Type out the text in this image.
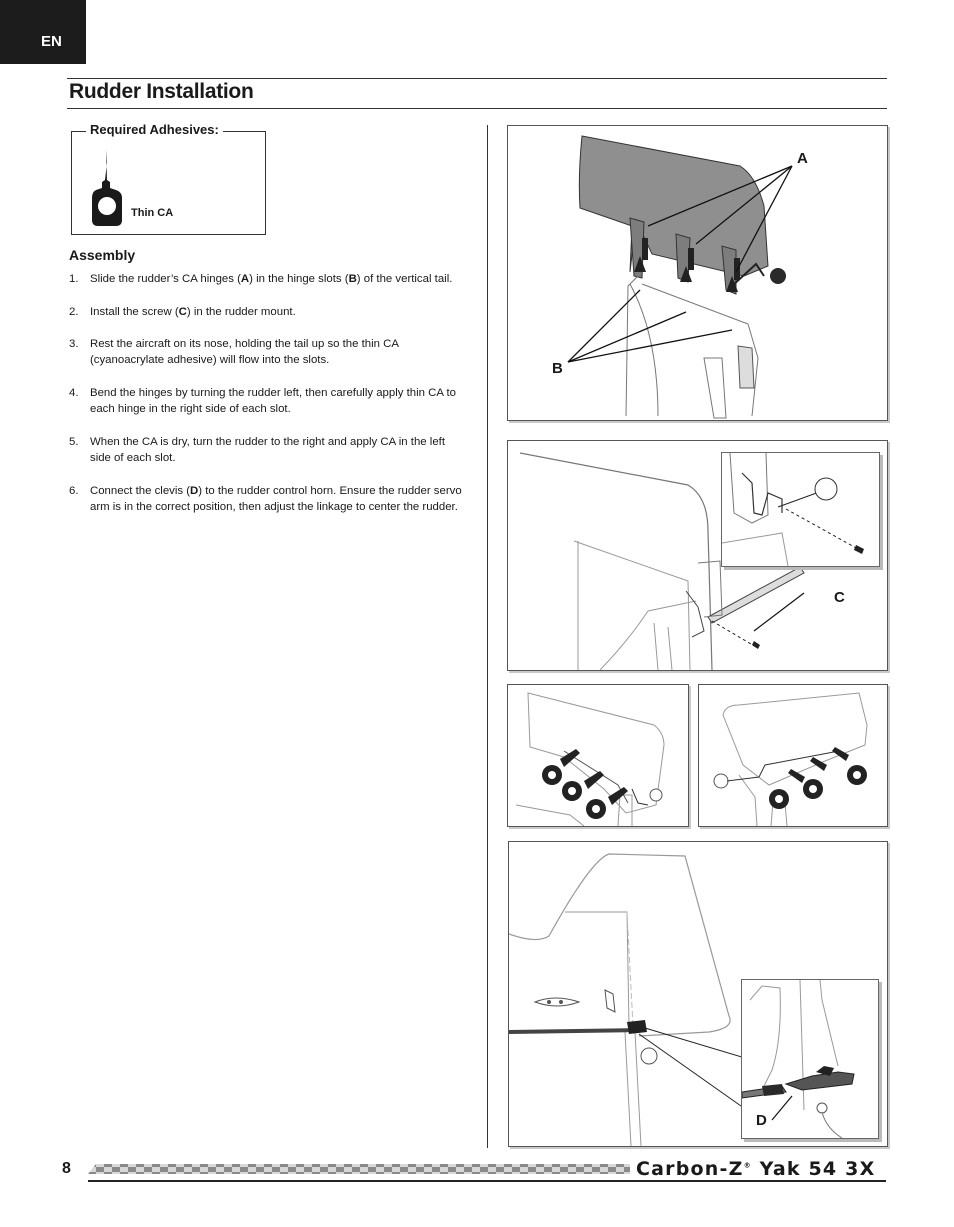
EN
Rudder Installation
Required Adhesives:
Thin CA
Assembly
1. Slide the rudder’s CA hinges (A) in the hinge slots (B) of the vertical tail.
2. Install the screw (C) in the rudder mount.
3. Rest the aircraft on its nose, holding the tail up so the thin CA (cyanoacrylate adhesive) will flow into the slots.
4. Bend the hinges by turning the rudder left, then carefully apply thin CA to each hinge in the right side of each slot.
5. When the CA is dry, turn the rudder to the right and apply CA in the left side of each slot.
6. Connect the clevis (D) to the rudder control horn. Ensure the rudder servo arm is in the correct position, then adjust the linkage to center the rudder.
A
B
C
D
8	Carbon-Z® Yak 54 3X
